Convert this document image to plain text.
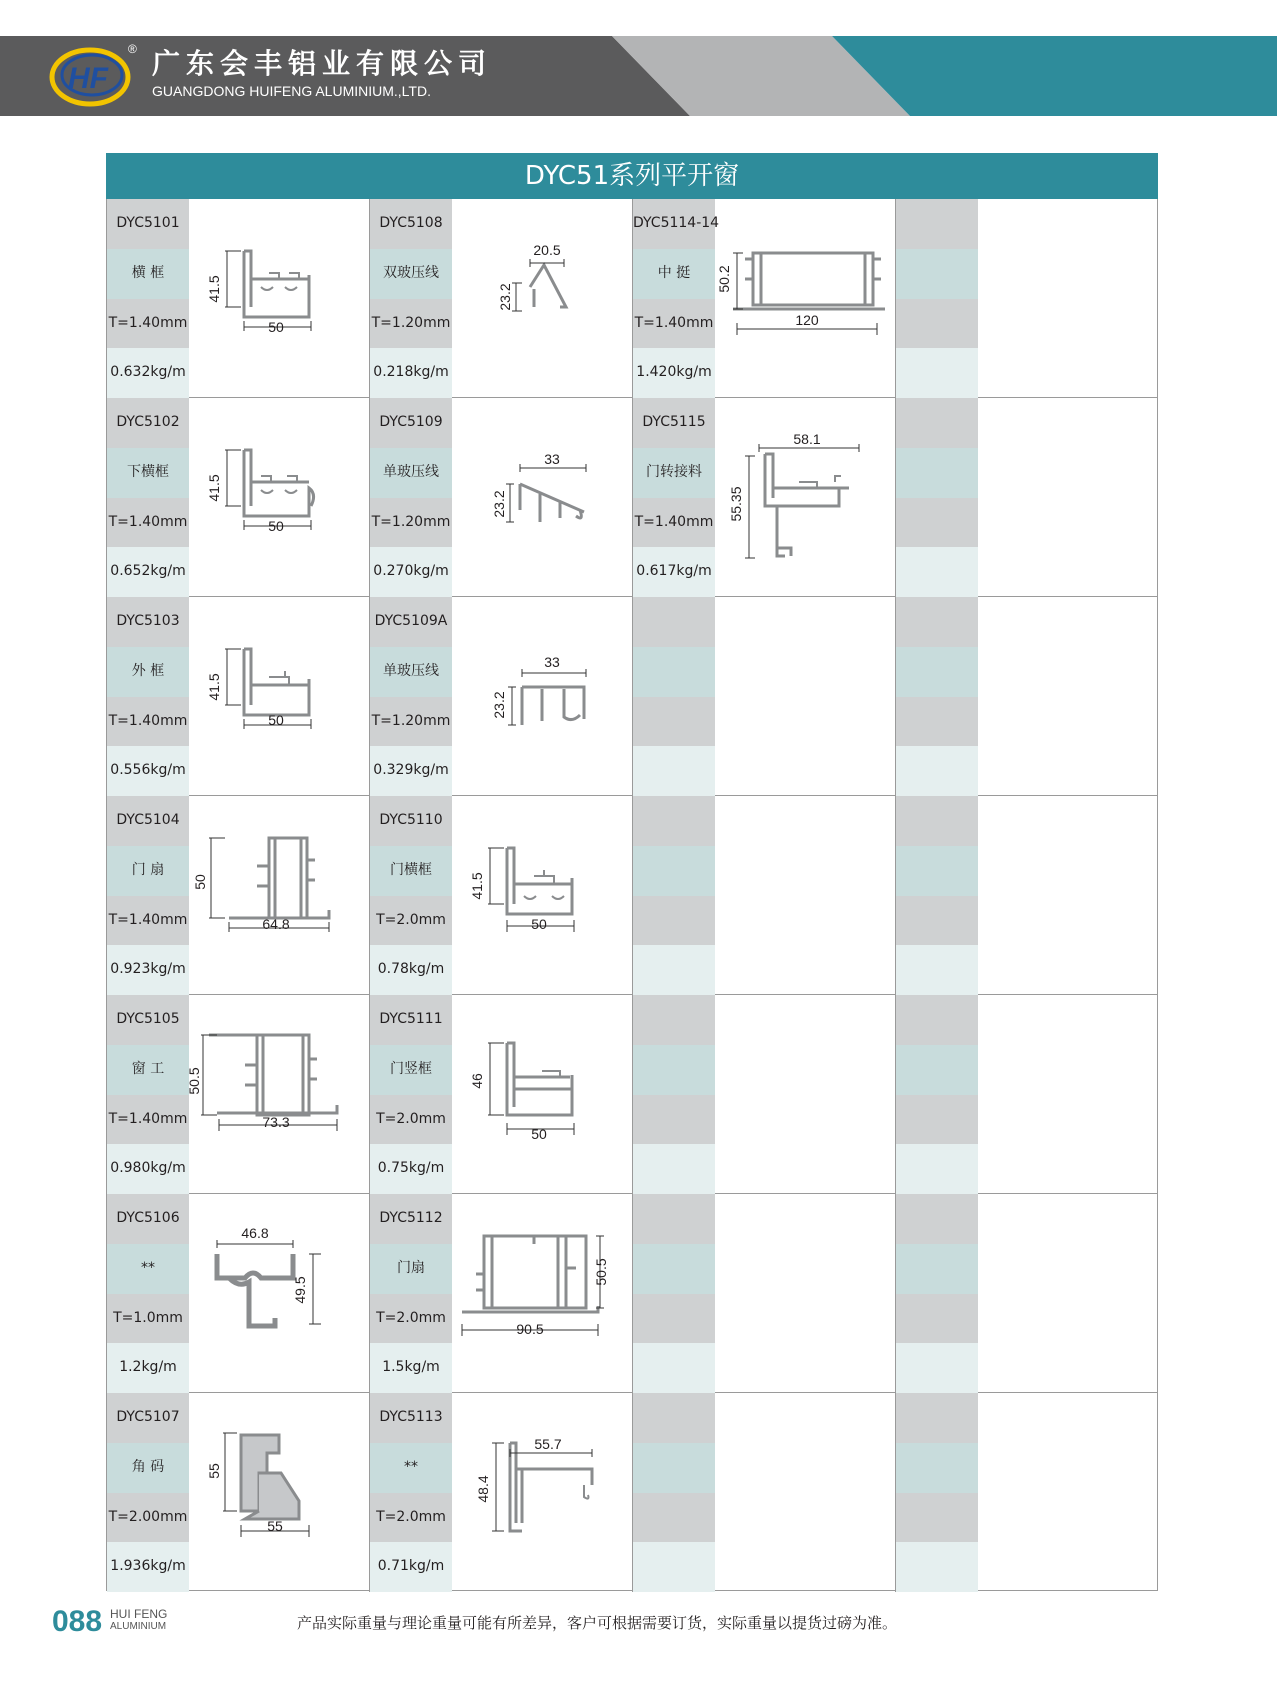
HF
® 广东会丰铝业有限公司
GUANGDONG HUIFENG ALUMINIUM.,LTD.
DYC51系列平开窗
DYC5101
横 框
T=1.40mm
0.632kg/m
41.5
50
DYC5108
双玻压线
T=1.20mm
0.218kg/m
20.5
23.2
DYC5114-14
中 挺
T=1.40mm
1.420kg/m
50.2
120
DYC5102
下横框
T=1.40mm
0.652kg/m
41.5
50
DYC5109
单玻压线
T=1.20mm
0.270kg/m
33
23.2
DYC5115
门转接料
T=1.40mm
0.617kg/m
58.1
55.35
DYC5103
外 框
T=1.40mm
0.556kg/m
41.5
50
DYC5109A
单玻压线
T=1.20mm
0.329kg/m
33
23.2
DYC5104
门 扇
T=1.40mm
0.923kg/m
50
64.8
DYC5110
门横框
T=2.0mm
0.78kg/m
41.5
50
DYC5105
窗 工
T=1.40mm
0.980kg/m
50.5
73.3
DYC5111
门竖框
T=2.0mm
0.75kg/m
46
50
DYC5106
**
T=1.0mm
1.2kg/m
46.8
49.5
DYC5112
门扇
T=2.0mm
1.5kg/m
50.5
90.5
DYC5107
角 码
T=2.00mm
1.936kg/m
55
55
DYC5113
**
T=2.0mm
0.71kg/m
48.4
55.7
088 HUI FENG
ALUMINIUM	产品实际重量与理论重量可能有所差异，客户可根据需要订货，实际重量以提货过磅为准。
